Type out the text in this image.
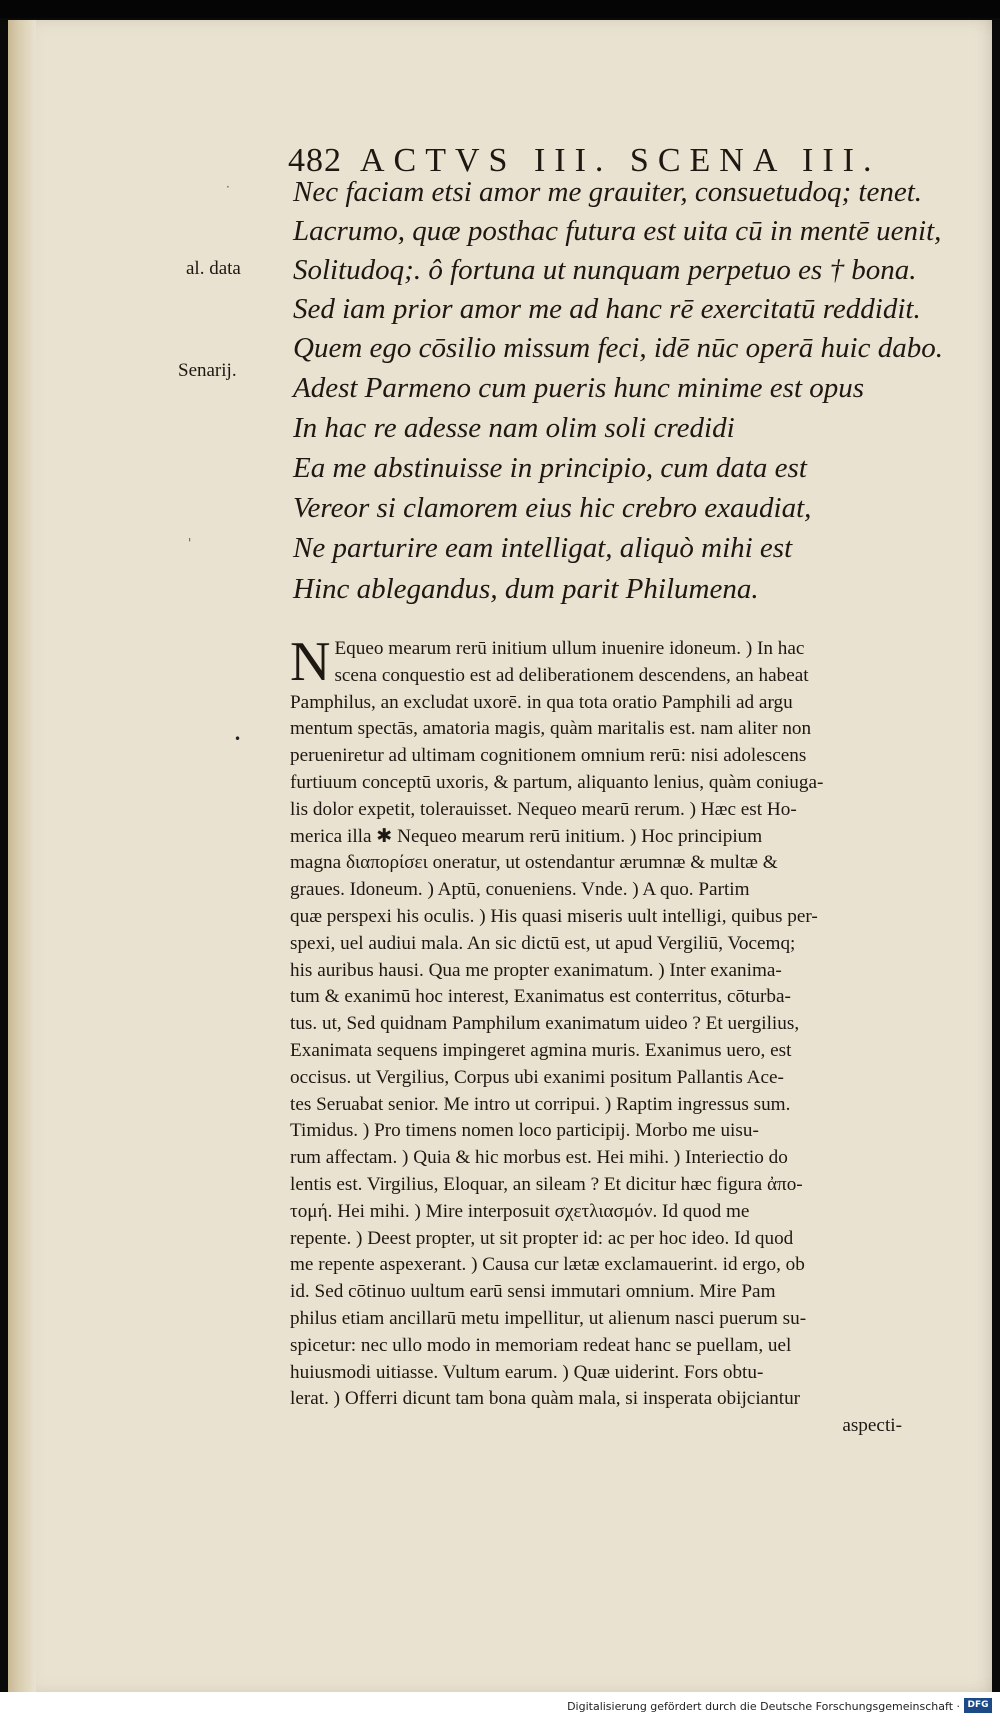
482 ACTVS III. SCENA III.
al. data
Senarij.
Nec faciam etsi amor me grauiter, consuetudoq; tenet.
Lacrumo, quæ posthac futura est uita cū in mentē uenit,
Solitudoq;. ô fortuna ut nunquam perpetuo es † bona.
Sed iam prior amor me ad hanc rē exercitatū reddidit.
Quem ego cōsilio missum feci, idē nūc operā huic dabo.
Adest Parmeno cum pueris hunc minime est opus
In hac re adesse nam olim soli credidi
Ea me abstinuisse in principio, cum data est
Vereor si clamorem eius hic crebro exaudiat,
Ne parturire eam intelligat, aliquò mihi est
Hinc ablegandus, dum parit Philumena.
·
'
•
N Equeo mearum rerū initium ullum inuenire idoneum. ) In hac
scena conquestio est ad deliberationem descendens, an habeat
Pamphilus, an excludat uxorē. in qua tota oratio Pamphili ad argu
mentum spectās, amatoria magis, quàm maritalis est. nam aliter non
perueniretur ad ultimam cognitionem omnium rerū: nisi adolescens
furtiuum conceptū uxoris, & partum, aliquanto lenius, quàm coniuga-
lis dolor expetit, tolerauisset. Nequeo mearū rerum. ) Hæc est Ho-
merica illa ✱ Nequeo mearum rerū initium. ) Hoc principium
magna διαπορίσει oneratur, ut ostendantur ærumnæ & multæ &
graues. Idoneum. ) Aptū, conueniens. Vnde. ) A quo. Partim
quæ perspexi his oculis. ) His quasi miseris uult intelligi, quibus per-
spexi, uel audiui mala. An sic dictū est, ut apud Vergiliū, Vocemq;
his auribus hausi. Qua me propter exanimatum. ) Inter exanima-
tum & exanimū hoc interest, Exanimatus est conterritus, cōturba-
tus. ut, Sed quidnam Pamphilum exanimatum uideo ? Et uergilius,
Exanimata sequens impingeret agmina muris. Exanimus uero, est
occisus. ut Vergilius, Corpus ubi exanimi positum Pallantis Ace-
tes Seruabat senior. Me intro ut corripui. ) Raptim ingressus sum.
Timidus. ) Pro timens nomen loco participij. Morbo me uisu-
rum affectam. ) Quia & hic morbus est. Hei mihi. ) Interiectio do
lentis est. Virgilius, Eloquar, an sileam ? Et dicitur hæc figura ἀπο-
τομή. Hei mihi. ) Mire interposuit σχετλιασμόν. Id quod me
repente. ) Deest propter, ut sit propter id: ac per hoc ideo. Id quod
me repente aspexerant. ) Causa cur lætæ exclamauerint. id ergo, ob
id. Sed cōtinuo uultum earū sensi immutari omnium. Mire Pam
philus etiam ancillarū metu impellitur, ut alienum nasci puerum su-
spicetur: nec ullo modo in memoriam redeat hanc se puellam, uel
huiusmodi uitiasse. Vultum earum. ) Quæ uiderint. Fors obtu-
lerat. ) Offerri dicunt tam bona quàm mala, si insperata obijciantur
aspecti-
Digitalisierung gefördert durch die Deutsche Forschungsgemeinschaft · DFG
